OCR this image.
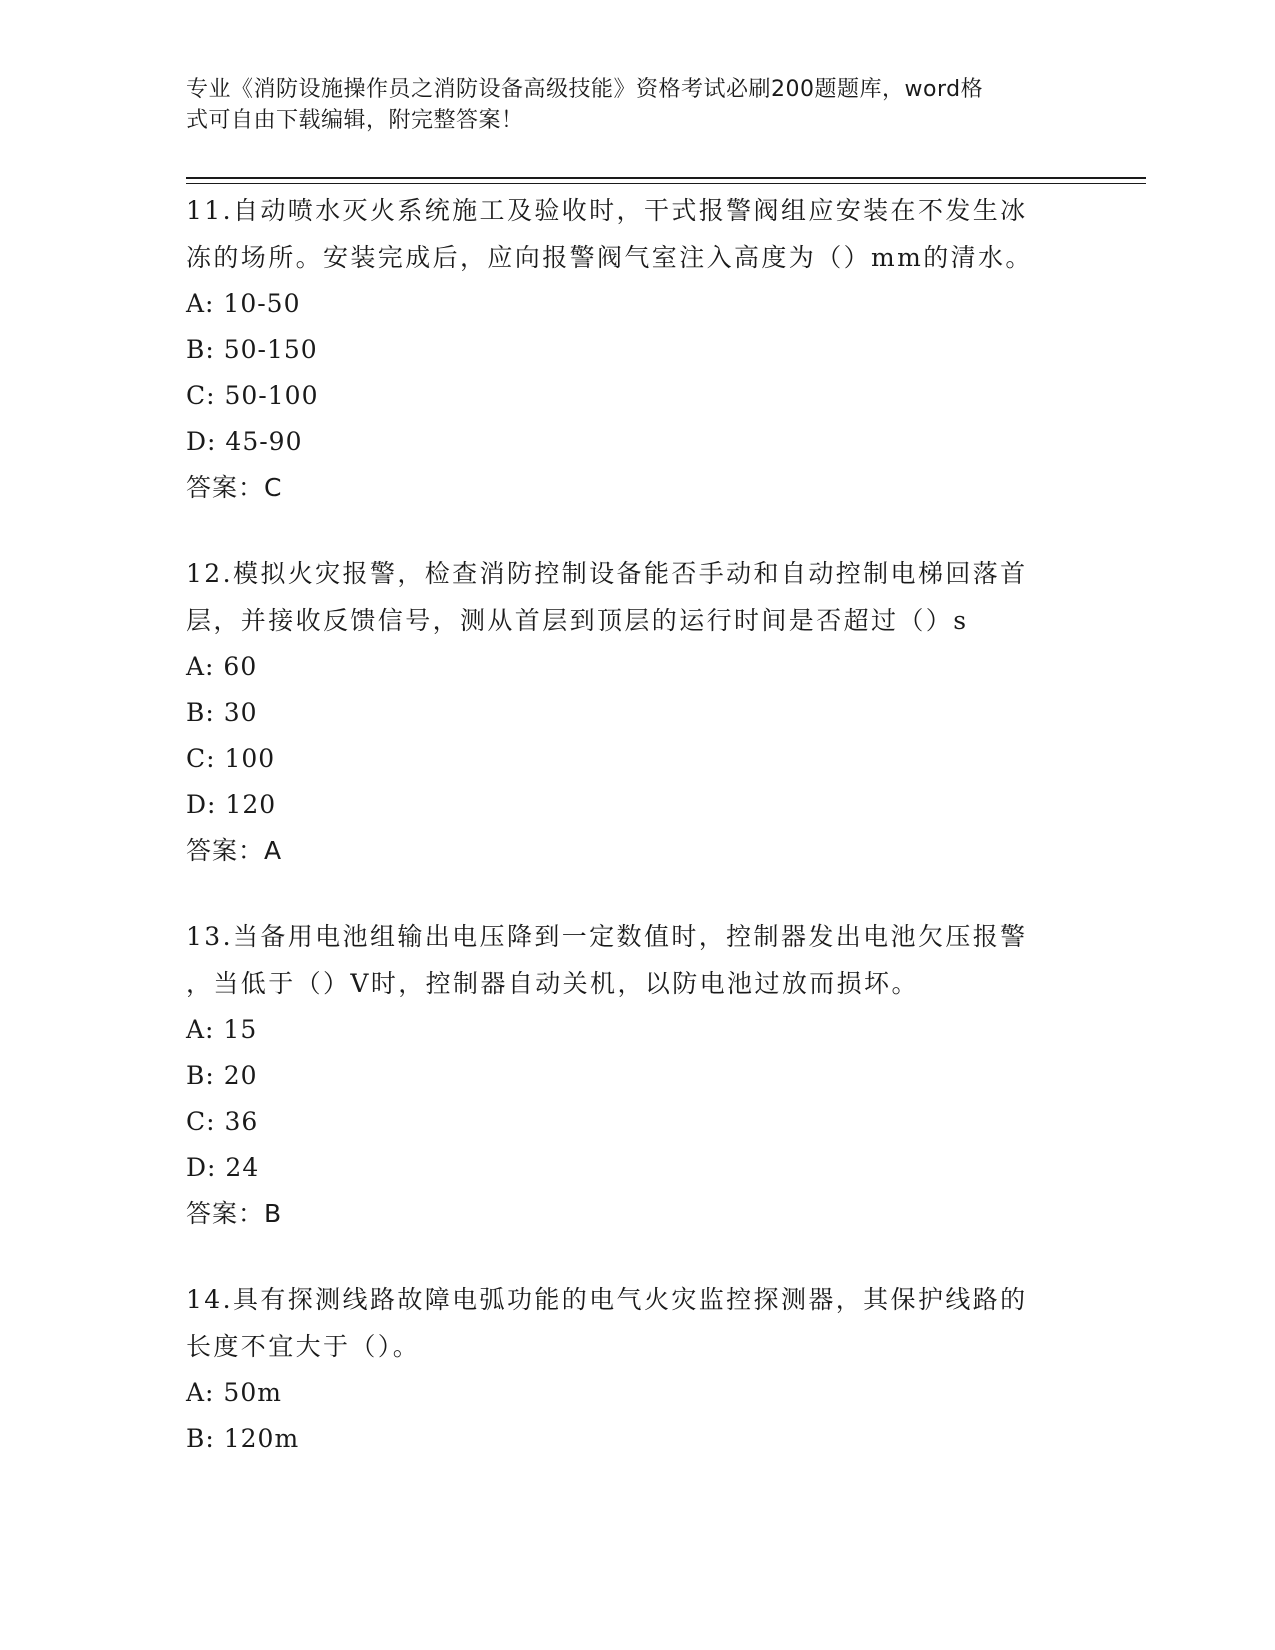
专业《消防设施操作员之消防设备高级技能》资格考试必刷200题题库，word格
式可自由下载编辑，附完整答案！

11.自动喷水灭火系统施工及验收时，干式报警阀组应安装在不发生冰
冻的场所。安装完成后，应向报警阀气室注入高度为（）mm的清水。

A: 10-50
B: 50-150
C: 50-100
D: 45-90
答案：C

12.模拟火灾报警，检查消防控制设备能否手动和自动控制电梯回落首
层，并接收反馈信号，测从首层到顶层的运行时间是否超过（）s

A: 60
B: 30
C: 100
D: 120
答案：A

13.当备用电池组输出电压降到一定数值时，控制器发出电池欠压报警
，当低于（）V时，控制器自动关机，以防电池过放而损坏。

A: 15
B: 20
C: 36
D: 24
答案：B

14.具有探测线路故障电弧功能的电气火灾监控探测器，其保护线路的
长度不宜大于（）。

A: 50m
B: 120m
